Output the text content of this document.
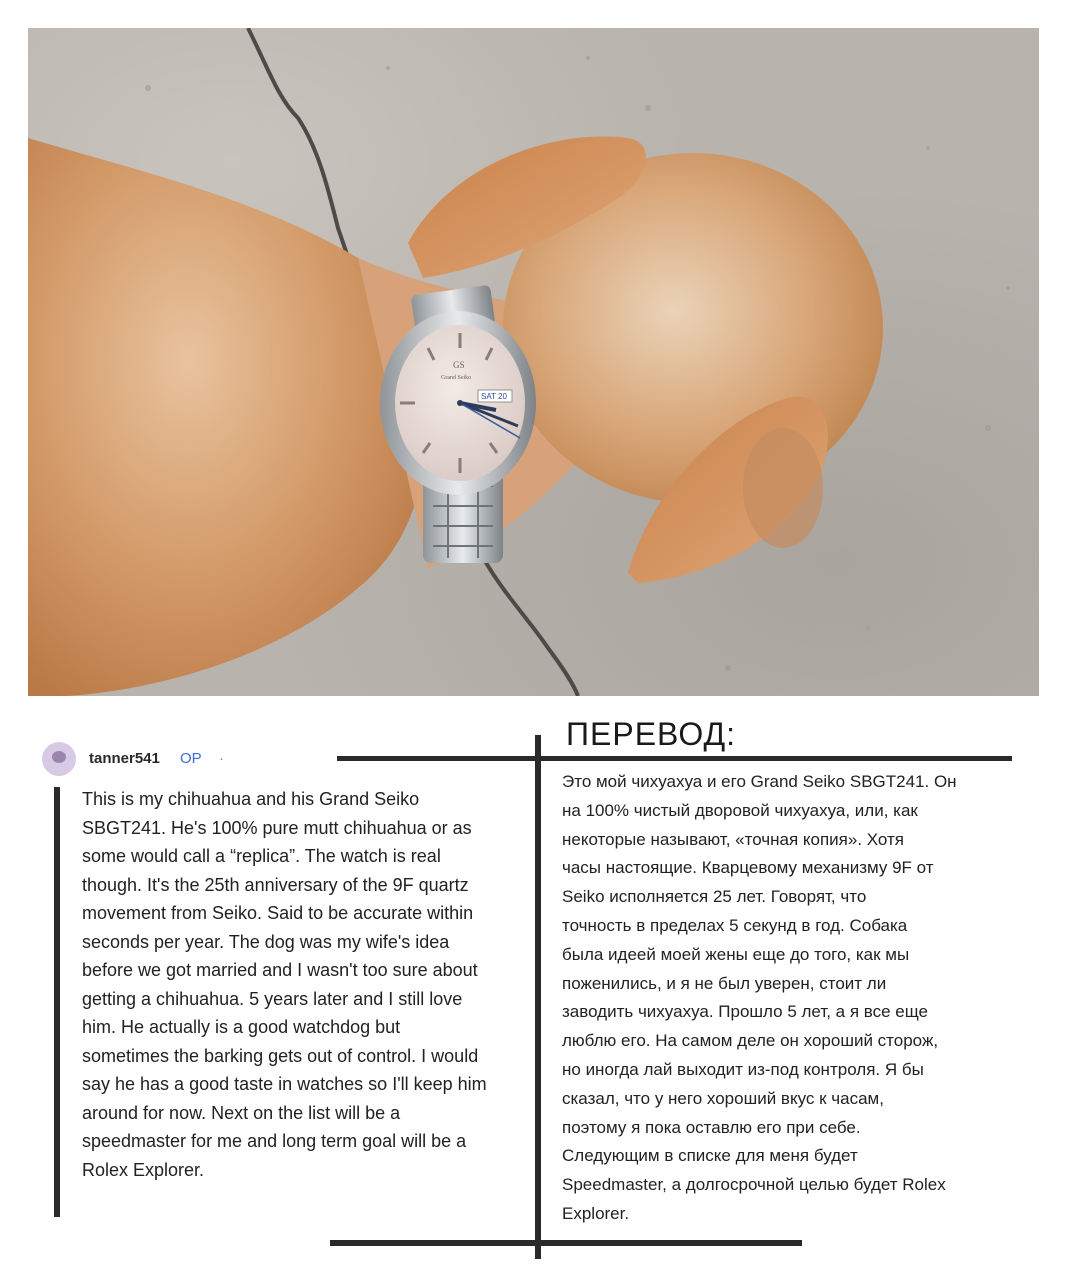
GS
Grand Seiko
SAT 20
tanner541 OP ·
This is my chihuahua and his Grand Seiko
SBGT241. He's 100% pure mutt chihuahua or as
some would call a “replica”. The watch is real
though. It's the 25th anniversary of the 9F quartz
movement from Seiko. Said to be accurate within
seconds per year. The dog was my wife's idea
before we got married and I wasn't too sure about
getting a chihuahua. 5 years later and I still love
him. He actually is a good watchdog but
sometimes the barking gets out of control. I would
say he has a good taste in watches so I'll keep him
around for now. Next on the list will be a
speedmaster for me and long term goal will be a
Rolex Explorer.
ПЕРЕВОД:
Это мой чихуахуа и его Grand Seiko SBGT241. Он
на 100% чистый дворовой чихуахуа, или, как
некоторые называют, «точная копия». Хотя
часы настоящие. Кварцевому механизму 9F от
Seiko исполняется 25 лет. Говорят, что
точность в пределах 5 секунд в год. Собака
была идеей моей жены еще до того, как мы
поженились, и я не был уверен, стоит ли
заводить чихуахуа. Прошло 5 лет, а я все еще
люблю его. На самом деле он хороший сторож,
но иногда лай выходит из-под контроля. Я бы
сказал, что у него хороший вкус к часам,
поэтому я пока оставлю его при себе.
Следующим в списке для меня будет
Speedmaster, а долгосрочной целью будет Rolex
Explorer.
